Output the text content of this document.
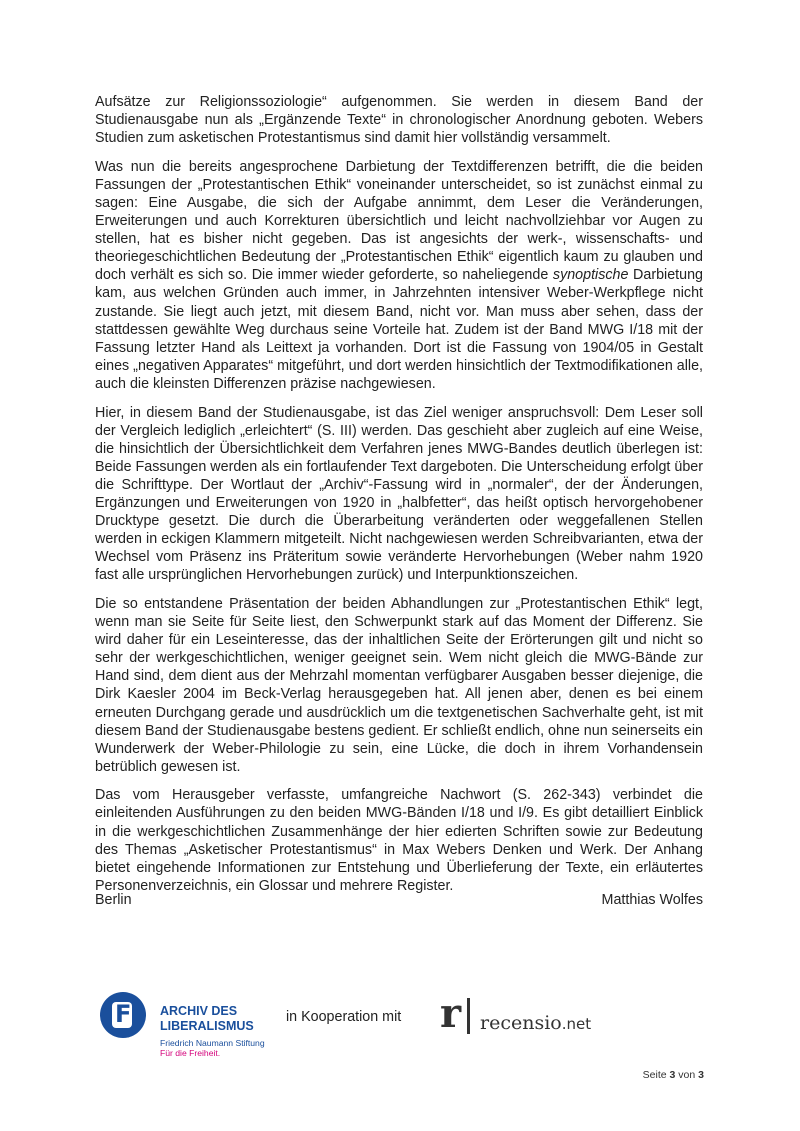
Aufsätze zur Religionssoziologie“ aufgenommen. Sie werden in diesem Band der Studienausgabe nun als „Ergänzende Texte“ in chronologischer Anordnung geboten. Webers Studien zum asketischen Protestantismus sind damit hier vollständig versammelt.

Was nun die bereits angesprochene Darbietung der Textdifferenzen betrifft, die die beiden Fassungen der „Protestantischen Ethik“ voneinander unterscheidet, so ist zunächst einmal zu sagen: Eine Ausgabe, die sich der Aufgabe annimmt, dem Leser die Veränderungen, Erweiterungen und auch Korrekturen übersichtlich und leicht nachvollziehbar vor Augen zu stellen, hat es bisher nicht gegeben. Das ist angesichts der werk-, wissenschafts- und theoriegeschichtlichen Bedeutung der „Protestantischen Ethik“ eigentlich kaum zu glauben und doch verhält es sich so. Die immer wieder geforderte, so naheliegende synoptische Darbietung kam, aus welchen Gründen auch immer, in Jahrzehnten intensiver Weber-Werkpflege nicht zustande. Sie liegt auch jetzt, mit diesem Band, nicht vor. Man muss aber sehen, dass der stattdessen gewählte Weg durchaus seine Vorteile hat. Zudem ist der Band MWG I/18 mit der Fassung letzter Hand als Leittext ja vorhanden. Dort ist die Fassung von 1904/05 in Gestalt eines „negativen Apparates“ mitgeführt, und dort werden hinsichtlich der Textmodifikationen alle, auch die kleinsten Differenzen präzise nachgewiesen.

Hier, in diesem Band der Studienausgabe, ist das Ziel weniger anspruchsvoll: Dem Leser soll der Vergleich lediglich „erleichtert“ (S. III) werden. Das geschieht aber zugleich auf eine Weise, die hinsichtlich der Übersichtlichkeit dem Verfahren jenes MWG-Bandes deutlich überlegen ist: Beide Fassungen werden als ein fortlaufender Text dargeboten. Die Unterscheidung erfolgt über die Schrifttype. Der Wortlaut der „Archiv“-Fassung wird in „normaler“, der der Änderungen, Ergänzungen und Erweiterungen von 1920 in „halbfetter“, das heißt optisch hervorgehobener Drucktype gesetzt. Die durch die Überarbeitung veränderten oder weggefallenen Stellen werden in eckigen Klammern mitgeteilt. Nicht nachgewiesen werden Schreibvarianten, etwa der Wechsel vom Präsenz ins Präteritum sowie veränderte Hervorhebungen (Weber nahm 1920 fast alle ursprünglichen Hervorhebungen zurück) und Interpunktionszeichen.

Die so entstandene Präsentation der beiden Abhandlungen zur „Protestantischen Ethik“ legt, wenn man sie Seite für Seite liest, den Schwerpunkt stark auf das Moment der Differenz. Sie wird daher für ein Leseinteresse, das der inhaltlichen Seite der Erörterungen gilt und nicht so sehr der werkgeschichtlichen, weniger geeignet sein. Wem nicht gleich die MWG-Bände zur Hand sind, dem dient aus der Mehrzahl momentan verfügbarer Ausgaben besser diejenige, die Dirk Kaesler 2004 im Beck-Verlag herausgegeben hat. All jenen aber, denen es bei einem erneuten Durchgang gerade und ausdrücklich um die textgenetischen Sachverhalte geht, ist mit diesem Band der Studienausgabe bestens gedient. Er schließt endlich, ohne nun seinerseits ein Wunderwerk der Weber-Philologie zu sein, eine Lücke, die doch in ihrem Vorhandensein betrüblich gewesen ist.

Das vom Herausgeber verfasste, umfangreiche Nachwort (S. 262-343) verbindet die einleitenden Ausführungen zu den beiden MWG-Bänden I/18 und I/9. Es gibt detailliert Einblick in die werkgeschichtlichen Zusammenhänge der hier edierten Schriften sowie zur Bedeutung des Themas „Asketischer Protestantismus“ in Max Webers Denken und Werk. Der Anhang bietet eingehende Informationen zur Entstehung und Überlieferung der Texte, ein erläutertes Personenverzeichnis, ein Glossar und mehrere Register.

Berlin	Matthias Wolfes
F ARCHIV DES
LIBERALISMUS
Friedrich Naumann Stiftung
Für die Freiheit.
in Kooperation mit r recensio.net
Seite 3 von 3
